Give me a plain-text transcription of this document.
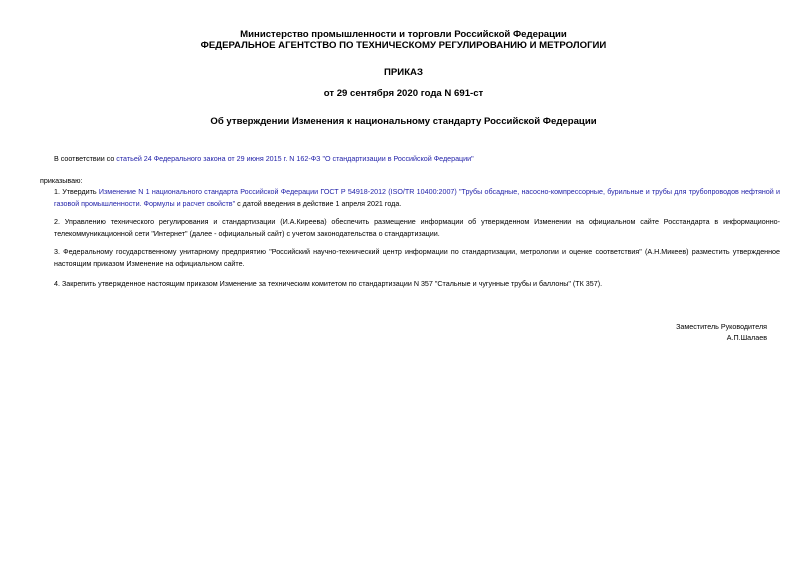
Министерство промышленности и торговли Российской Федерации
ФЕДЕРАЛЬНОЕ АГЕНТСТВО ПО ТЕХНИЧЕСКОМУ РЕГУЛИРОВАНИЮ И МЕТРОЛОГИИ
ПРИКАЗ
от 29 сентября 2020 года N 691-ст
Об утверждении Изменения к национальному стандарту Российской Федерации
В соответствии со статьей 24 Федерального закона от 29 июня 2015 г. N 162-ФЗ "О стандартизации в Российской Федерации"
приказываю:
1. Утвердить Изменение N 1 национального стандарта Российской Федерации ГОСТ Р 54918-2012 (ISO/TR 10400:2007) "Трубы обсадные, насосно-компрессорные, бурильные и трубы для трубопроводов нефтяной и газовой промышленности. Формулы и расчет свойств" с датой введения в действие 1 апреля 2021 года.
2. Управлению технического регулирования и стандартизации (И.А.Киреева) обеспечить размещение информации об утвержденном Изменении на официальном сайте Росстандарта в информационно-телекоммуникационной сети "Интернет" (далее - официальный сайт) с учетом законодательства о стандартизации.
3. Федеральному государственному унитарному предприятию "Российский научно-технический центр информации по стандартизации, метрологии и оценке соответствия" (А.Н.Микеев) разместить утвержденное настоящим приказом Изменение на официальном сайте.
4. Закрепить утвержденное настоящим приказом Изменение за техническим комитетом по стандартизации N 357 "Стальные и чугунные трубы и баллоны" (ТК 357).
Заместитель Руководителя
А.П.Шалаев
